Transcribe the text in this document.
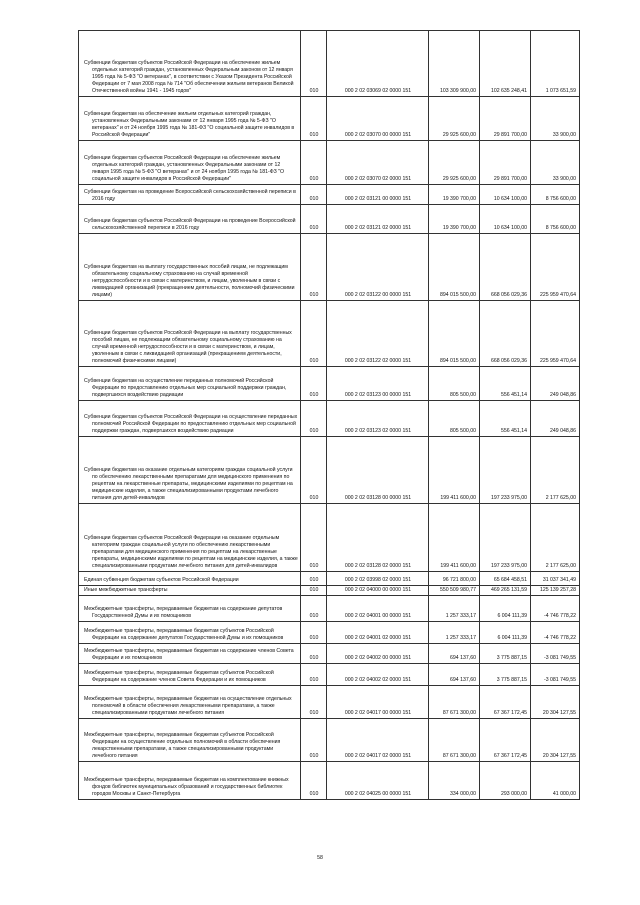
Субвенции бюджетам субъектов Российской Федерации на обеспечение жильем отдельных категорий граждан, установленных Федеральным законом от 12 января 1995 года № 5-ФЗ "О ветеранах", в соответствии с Указом Президента Российской Федерации от 7 мая 2008 года № 714 "Об обеспечении жильем ветеранов Великой Отечественной войны 1941 - 1945 годов"	010	000 2 02 03069 02 0000 151	103 309 900,00	102 635 248,41	1 073 651,59

Субвенции бюджетам на обеспечение жильем отдельных категорий граждан, установленных Федеральными законами от 12 января 1995 года № 5-ФЗ "О ветеранах" и от 24 ноября 1995 года № 181-ФЗ "О социальной защите инвалидов в Российской Федерации"	010	000 2 02 03070 00 0000 151	29 925 600,00	29 891 700,00	33 900,00

Субвенции бюджетам субъектов Российской Федерации на обеспечение жильем отдельных категорий граждан, установленных Федеральными законами от 12 января 1995 года № 5-ФЗ "О ветеранах" и от 24 ноября 1995 года № 181-ФЗ "О социальной защите инвалидов в Российской Федерации"	010	000 2 02 03070 02 0000 151	29 925 600,00	29 891 700,00	33 900,00

Субвенции бюджетам на проведение Всероссийской сельскохозяйственной переписи в 2016 году	010	000 2 02 03121 00 0000 151	19 390 700,00	10 634 100,00	8 756 600,00

Субвенции бюджетам субъектов Российской Федерации на проведение Всероссийской сельскохозяйственной переписи в 2016 году	010	000 2 02 03121 02 0000 151	19 390 700,00	10 634 100,00	8 756 600,00

Субвенции бюджетам на выплату государственных пособий лицам, не подлежащим обязательному социальному страхованию на случай временной нетрудоспособности и в связи с материнством, и лицам, уволенным в связи с ликвидацией организаций (прекращением деятельности, полномочий физическими лицами)	010	000 2 02 03122 00 0000 151	894 015 500,00	668 056 029,36	225 959 470,64

Субвенции бюджетам субъектов Российской Федерации на выплату государственных пособий лицам, не подлежащим обязательному социальному страхованию на случай временной нетрудоспособности и в связи с материнством, и лицам, уволенным в связи с ликвидацией организаций (прекращением деятельности, полномочий физическими лицами)	010	000 2 02 03122 02 0000 151	894 015 500,00	668 056 029,36	225 959 470,64

Субвенции бюджетам на осуществление переданных полномочий Российской Федерации по предоставлению отдельных мер социальной поддержки граждан, подвергшихся воздействию радиации	010	000 2 02 03123 00 0000 151	805 500,00	556 451,14	249 048,86

Субвенции бюджетам субъектов Российской Федерации на осуществление переданных полномочий Российской Федерации по предоставлению отдельных мер социальной поддержки граждан, подвергшихся воздействию радиации	010	000 2 02 03123 02 0000 151	805 500,00	556 451,14	249 048,86

Субвенции бюджетам на оказание отдельным категориям граждан социальной услуги по обеспечению лекарственными препаратами для медицинского применения по рецептам на лекарственные препараты, медицинскими изделиями по рецептам на медицинские изделия, а также специализированными продуктами лечебного питания для детей-инвалидов	010	000 2 02 03128 00 0000 151	199 411 600,00	197 233 975,00	2 177 625,00

Субвенции бюджетам субъектов Российской Федерации на оказание отдельным категориям граждан социальной услуги по обеспечению лекарственными препаратами для медицинского применения по рецептам на лекарственные препараты, медицинскими изделиями по рецептам на медицинские изделия, а также специализированными продуктами лечебного питания для детей-инвалидов	010	000 2 02 03128 02 0000 151	199 411 600,00	197 233 975,00	2 177 625,00

Единая субвенция бюджетам субъектов Российской Федерации	010	000 2 02 03998 02 0000 151	96 721 800,00	65 684 458,51	31 037 341,49

Иные межбюджетные трансферты	010	000 2 02 04000 00 0000 151	550 509 980,77	469 265 131,59	125 139 257,28

Межбюджетные трансферты, передаваемые бюджетам на содержание депутатов Государственной Думы и их помощников	010	000 2 02 04001 00 0000 151	1 257 333,17	6 004 111,39	-4 746 778,22

Межбюджетные трансферты, передаваемые бюджетам субъектов Российской Федерации на содержание депутатов Государственной Думы и их помощников	010	000 2 02 04001 02 0000 151	1 257 333,17	6 004 111,39	-4 746 778,22

Межбюджетные трансферты, передаваемые бюджетам на содержание членов Совета Федерации и их помощников	010	000 2 02 04002 00 0000 151	694 137,60	3 775 887,15	-3 081 749,55

Межбюджетные трансферты, передаваемые бюджетам субъектов Российской Федерации на содержание членов Совета Федерации и их помощников	010	000 2 02 04002 02 0000 151	694 137,60	3 775 887,15	-3 081 749,55

Межбюджетные трансферты, передаваемые бюджетам на осуществление отдельных полномочий в области обеспечения лекарственными препаратами, а также специализированными продуктами лечебного питания	010	000 2 02 04017 00 0000 151	87 671 300,00	67 367 172,45	20 304 127,55

Межбюджетные трансферты, передаваемые бюджетам субъектов Российской Федерации на осуществление отдельных полномочий в области обеспечения лекарственными препаратами, а также специализированными продуктами лечебного питания	010	000 2 02 04017 02 0000 151	87 671 300,00	67 367 172,45	20 304 127,55

Межбюджетные трансферты, передаваемые бюджетам на комплектование книжных фондов библиотек муниципальных образований и государственных библиотек городов Москвы и Санкт-Петербурга	010	000 2 02 04025 00 0000 151	334 000,00	293 000,00	41 000,00
58
